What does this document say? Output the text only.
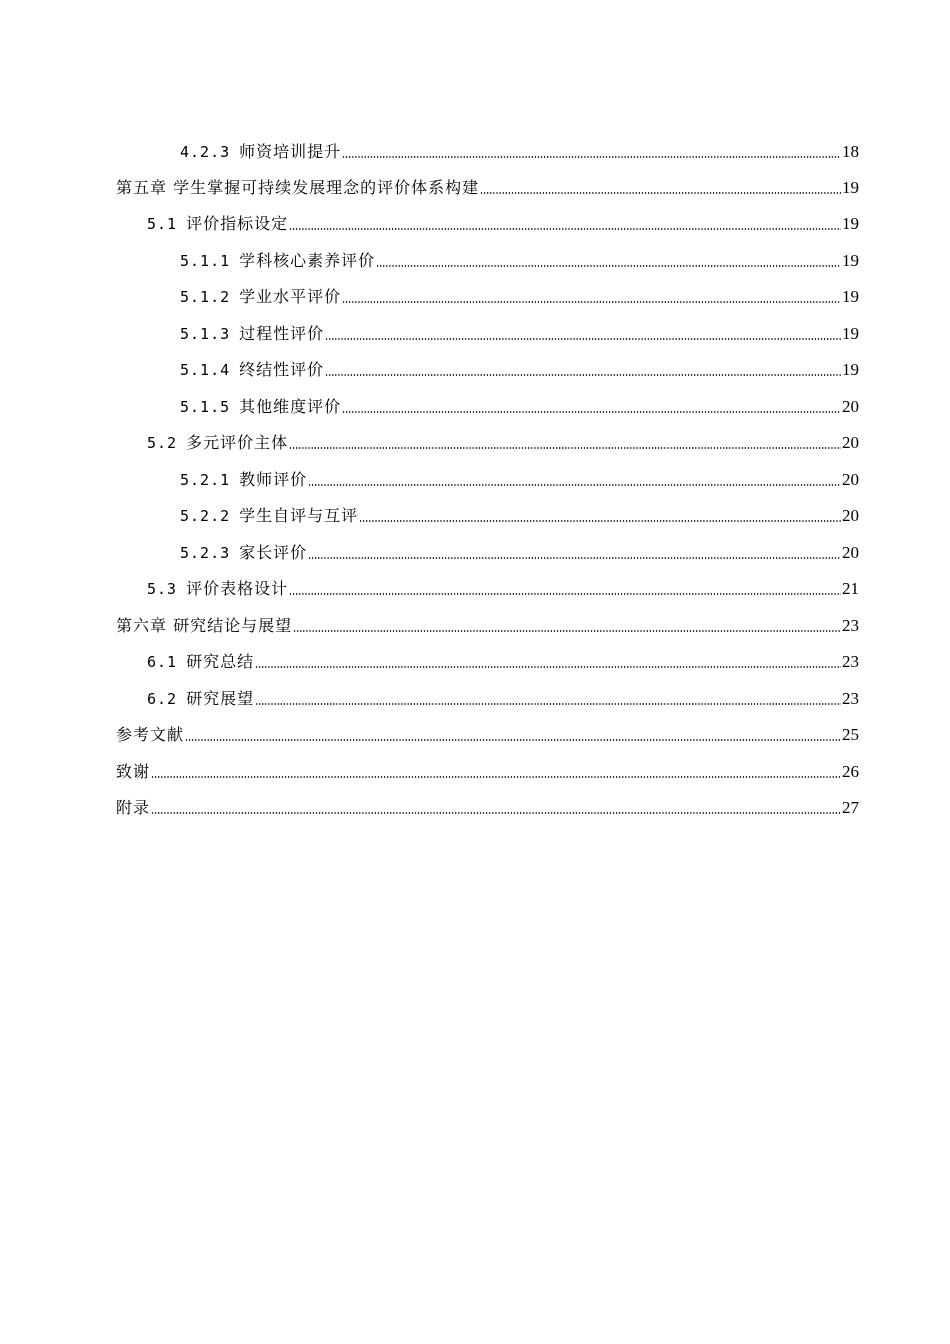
4.2.3 师资培训提升	18
第五章 学生掌握可持续发展理念的评价体系构建	19
5.1 评价指标设定	19
5.1.1 学科核心素养评价	19
5.1.2 学业水平评价	19
5.1.3 过程性评价	19
5.1.4 终结性评价	19
5.1.5 其他维度评价	20
5.2 多元评价主体	20
5.2.1 教师评价	20
5.2.2 学生自评与互评	20
5.2.3 家长评价	20
5.3 评价表格设计	21
第六章 研究结论与展望	23
6.1 研究总结	23
6.2 研究展望	23
参考文献	25
致谢	26
附录	27
